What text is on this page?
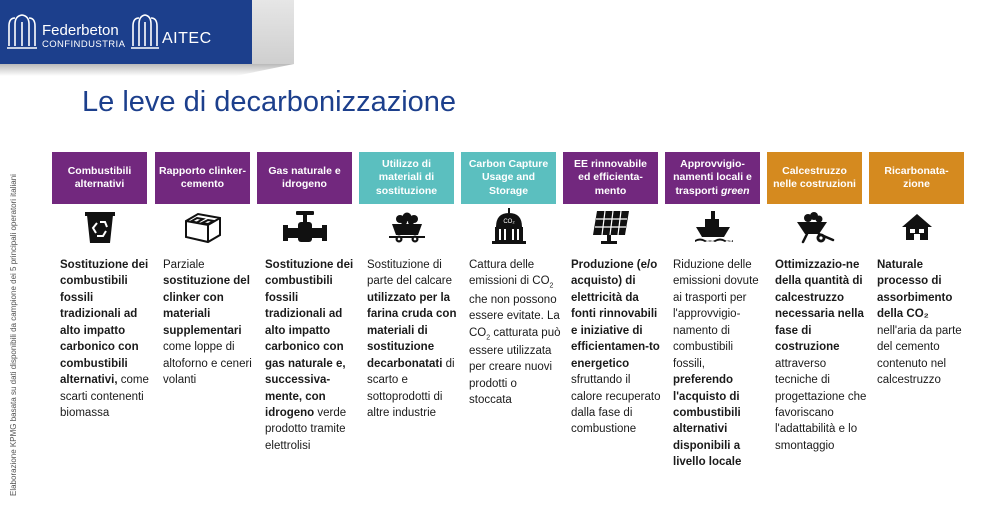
Federbeton
CONFINDUSTRIA AITEC
Le leve di decarbonizzazione
Elaborazione KPMG basata su dati disponibili da campione dei 5 principali operatori italiani
Combustibili alternativi
Sostituzione dei combustibili fossili tradizionali ad alto impatto carbonico con combustibili alternativi, come scarti contenenti biomassa
Rapporto clinker-cemento
Parziale sostituzione del clinker con materiali supplementari come loppe di altoforno e ceneri volanti
Gas naturale e idrogeno
Sostituzione dei combustibili fossili tradizionali ad alto impatto carbonico con gas naturale e, successiva-mente, con idrogeno verde prodotto tramite elettrolisi
Utilizzo di materiali di sostituzione
Sostituzione di parte del calcare utilizzato per la farina cruda con materiali di sostituzione decarbonatati di scarto e sottoprodotti di altre industrie
Carbon Capture Usage and Storage
CO₂
Cattura delle emissioni di $CO_2$ che non possono essere evitate. La $CO_2$ catturata può essere utilizzata per creare nuovi prodotti o stoccata
EE rinnovabile ed efficienta-mento
Produzione (e/o acquisto) di elettricità da fonti rinnovabili e iniziative di efficientamen-to energetico sfruttando il calore recuperato dalla fase di combustione
Approvvigio-namenti locali e trasporti green
Riduzione delle emissioni dovute ai trasporti per l'approvvigio-namento di combustibili fossili, preferendo l'acquisto di combustibili alternativi disponibili a livello locale
Calcestruzzo nelle costruzioni
Ottimizzazio-ne della quantità di calcestruzzo necessaria nella fase di costruzione attraverso tecniche di progettazione che favoriscano l'adattabilità e lo smontaggio
Ricarbonata-zione
Naturale processo di assorbimento della CO₂ nell'aria da parte del cemento contenuto nel calcestruzzo
